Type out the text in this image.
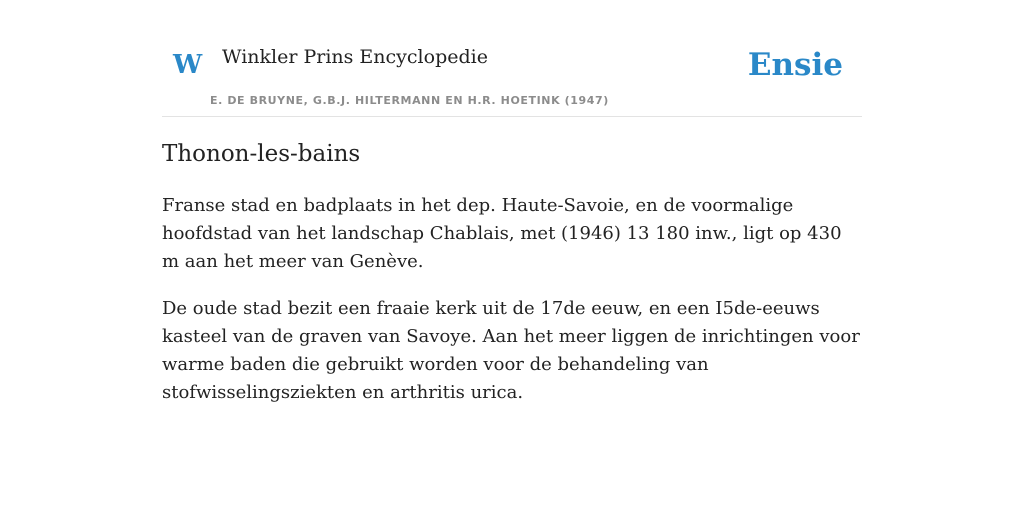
W Winkler Prins Encyclopedie
E. DE BRUYNE, G.B.J. HILTERMANN EN H.R. HOETINK (1947)
Ensie
Thonon-les-bains

Franse stad en badplaats in het dep. Haute-Savoie, en de voormalige hoofdstad van het landschap Chablais, met (1946) 13 180 inw., ligt op 430 m aan het meer van Genève.

De oude stad bezit een fraaie kerk uit de 17de eeuw, en een I5de-eeuws kasteel van de graven van Savoye. Aan het meer liggen de inrichtingen voor warme baden die gebruikt worden voor de behandeling van stofwisselingsziekten en arthritis urica.
